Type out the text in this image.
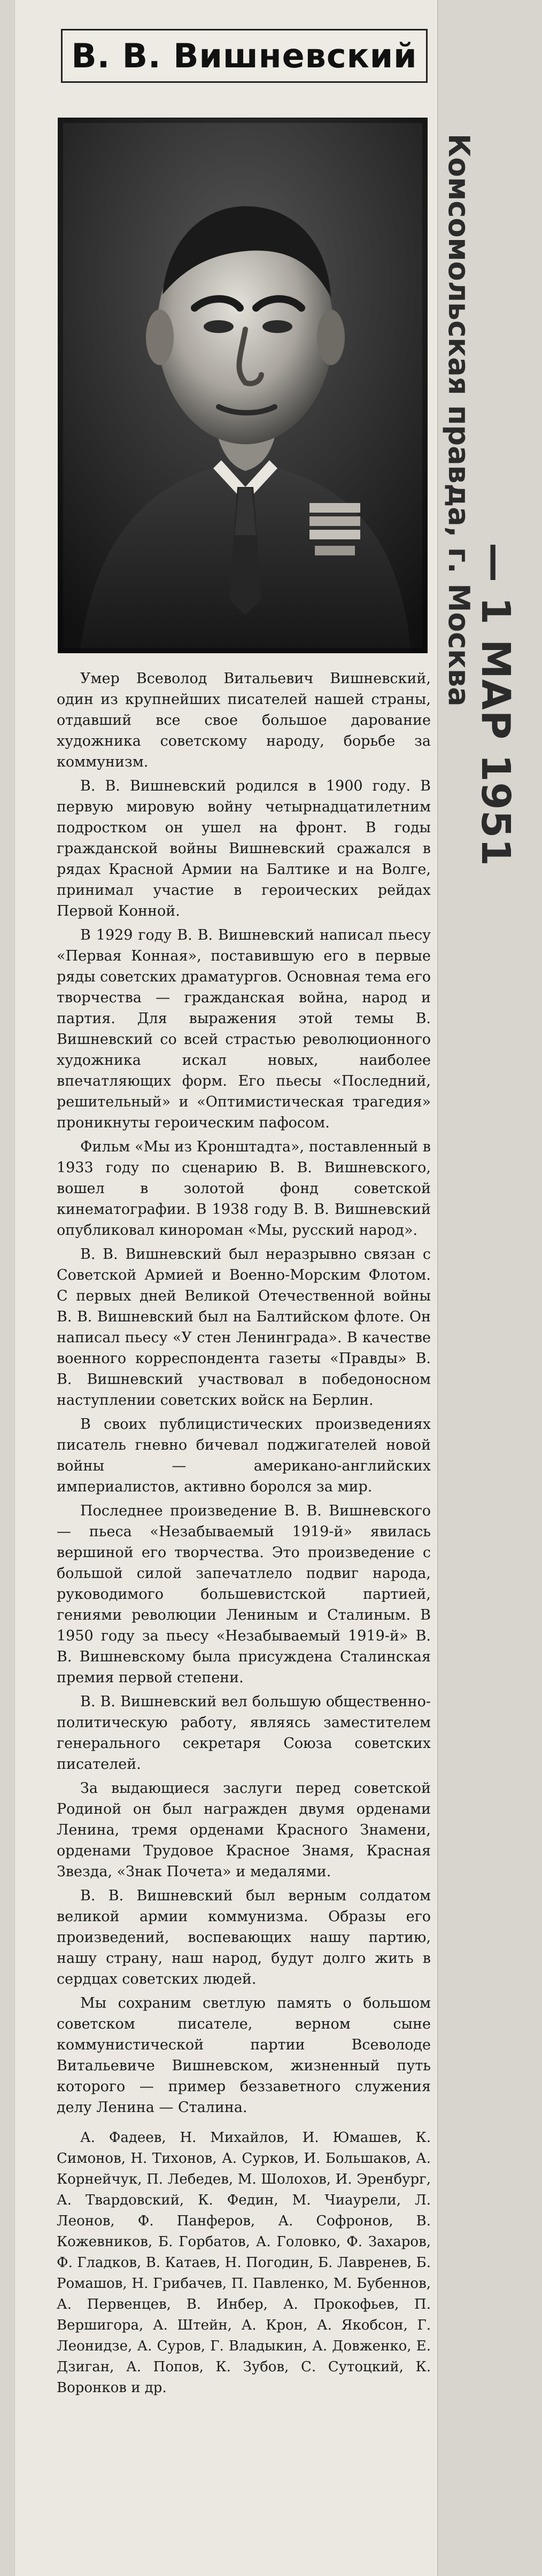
В. В. Вишневский

Умер Всеволод Витальевич Вишневский, один из крупнейших писателей нашей страны, отдавший все свое большое дарование художника советскому народу, борьбе за коммунизм.

В. В. Вишневский родился в 1900 году. В первую мировую войну четырнадцатилетним подростком он ушел на фронт. В годы гражданской войны Вишневский сражался в рядах Красной Армии на Балтике и на Волге, принимал участие в героических рейдах Первой Конной.

В 1929 году В. В. Вишневский написал пьесу «Первая Конная», поставившую его в первые ряды советских драматургов. Основная тема его творчества — гражданская война, народ и партия. Для выражения этой темы В. Вишневский со всей страстью революционного художника искал новых, наиболее впечатляющих форм. Его пьесы «Последний, решительный» и «Оптимистическая трагедия» проникнуты героическим пафосом.

Фильм «Мы из Кронштадта», поставленный в 1933 году по сценарию В. В. Вишневского, вошел в золотой фонд советской кинематографии. В 1938 году В. В. Вишневский опубликовал кинороман «Мы, русский народ».

В. В. Вишневский был неразрывно связан с Советской Армией и Военно-Морским Флотом. С первых дней Великой Отечественной войны В. В. Вишневский был на Балтийском флоте. Он написал пьесу «У стен Ленинграда». В качестве военного корреспондента газеты «Правды» В. В. Вишневский участвовал в победоносном наступлении советских войск на Берлин.

В своих публицистических произведениях писатель гневно бичевал поджигателей новой войны — американо-английских империалистов, активно боролся за мир.

Последнее произведение В. В. Вишневского — пьеса «Незабываемый 1919-й» явилась вершиной его творчества. Это произведение с большой силой запечатлело подвиг народа, руководимого большевистской партией, гениями революции Лениным и Сталиным. В 1950 году за пьесу «Незабываемый 1919-й» В. В. Вишневскому была присуждена Сталинская премия первой степени.

В. В. Вишневский вел большую общественно-политическую работу, являясь заместителем генерального секретаря Союза советских писателей.

За выдающиеся заслуги перед советской Родиной он был награжден двумя орденами Ленина, тремя орденами Красного Знамени, орденами Трудовое Красное Знамя, Красная Звезда, «Знак Почета» и медалями.

В. В. Вишневский был верным солдатом великой армии коммунизма. Образы его произведений, воспевающих нашу партию, нашу страну, наш народ, будут долго жить в сердцах советских людей.

Мы сохраним светлую память о большом советском писателе, верном сыне коммунистической партии Всеволоде Витальевиче Вишневском, жизненный путь которого — пример беззаветного служения делу Ленина — Сталина.

А. Фадеев, Н. Михайлов, И. Юмашев, К. Симонов, Н. Тихонов, А. Сурков, И. Большаков, А. Корнейчук, П. Лебедев, М. Шолохов, И. Эренбург, А. Твардовский, К. Федин, М. Чиаурели, Л. Леонов, Ф. Панферов, А. Софронов, В. Кожевников, Б. Горбатов, А. Головко, Ф. Захаров, Ф. Гладков, В. Катаев, Н. Погодин, Б. Лавренев, Б. Ромашов, Н. Грибачев, П. Павленко, М. Бубеннов, А. Первенцев, В. Инбер, А. Прокофьев, П. Вершигора, А. Штейн, А. Крон, А. Якобсон, Г. Леонидзе, А. Суров, Г. Владыкин, А. Довженко, Е. Дзиган, А. Попов, К. Зубов, С. Сутоцкий, К. Воронков и др.
Комсомольская правда, г. Москва
— 1 МАР 1951
